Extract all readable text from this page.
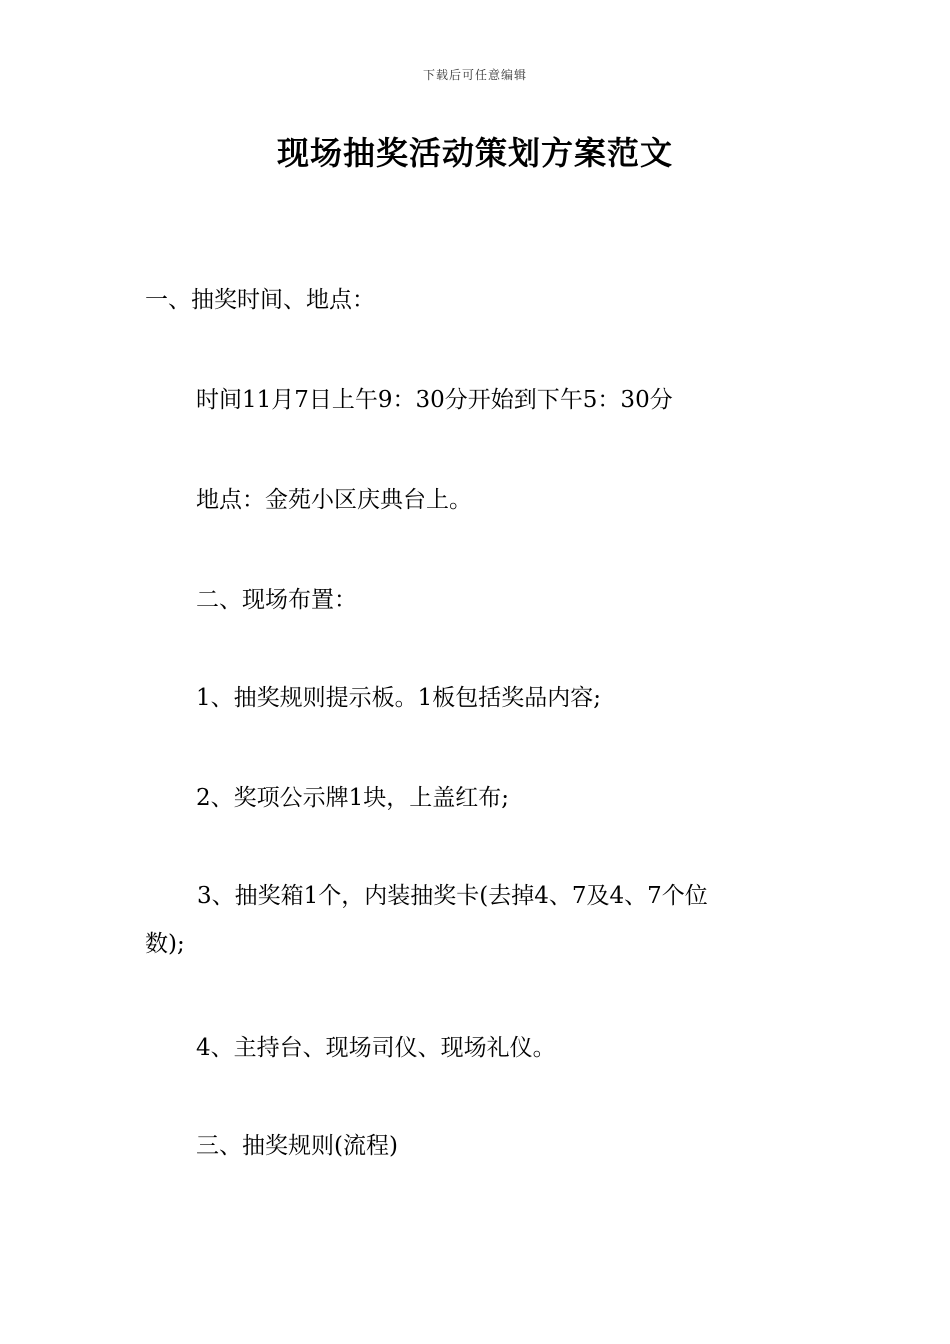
下载后可任意编辑
现场抽奖活动策划方案范文
一、抽奖时间、地点：
时间11月7日上午9：30分开始到下午5：30分
地点：金苑小区庆典台上。
二、现场布置：
1、抽奖规则提示板。1板包括奖品内容;
2、奖项公示牌1块，上盖红布;
3、抽奖箱1个，内装抽奖卡(去掉4、7及4、7个位
数);
4、主持台、现场司仪、现场礼仪。
三、抽奖规则(流程)
